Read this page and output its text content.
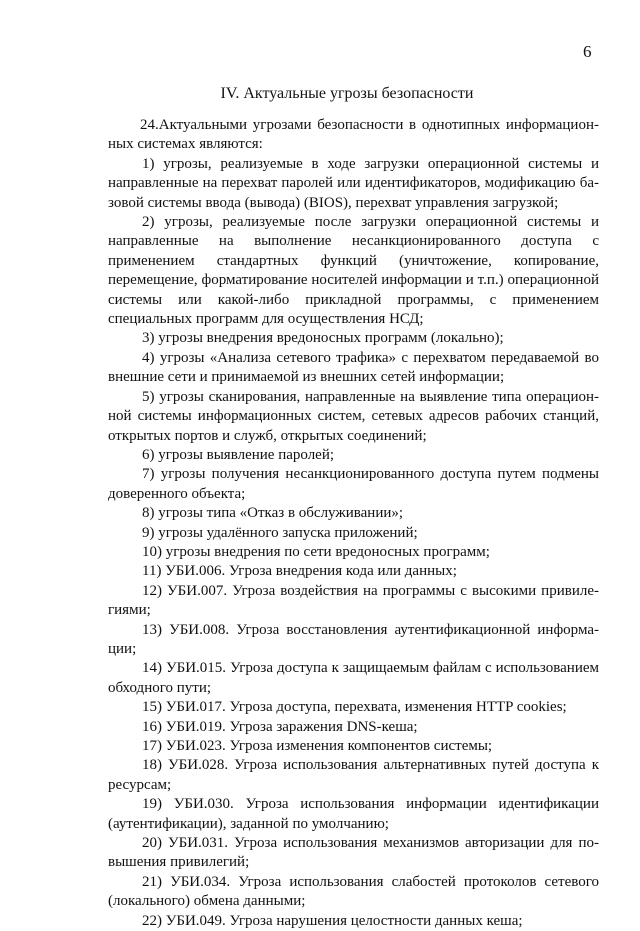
6
IV. Актуальные угрозы безопасности

24.Актуальными угрозами безопасности в однотипных информационных системах являются:

1) угрозы, реализуемые в ходе загрузки операционной системы и направленные на перехват паролей или идентификаторов, модификацию базовой системы ввода (вывода) (BIOS), перехват управления загрузкой;

2) угрозы, реализуемые после загрузки операционной системы и направленные на выполнение несанкционированного доступа с применением стандартных функций (уничтожение, копирование, перемещение, форматирование носителей информации и т.п.) операционной системы или какой-либо прикладной программы, с применением специальных программ для осуществления НСД;

3) угрозы внедрения вредоносных программ (локально);

4) угрозы «Анализа сетевого трафика» с перехватом передаваемой во внешние сети и принимаемой из внешних сетей информации;

5) угрозы сканирования, направленные на выявление типа операционной системы информационных систем, сетевых адресов рабочих станций, открытых портов и служб, открытых соединений;

6) угрозы выявление паролей;

7) угрозы получения несанкционированного доступа путем подмены доверенного объекта;

8) угрозы типа «Отказ в обслуживании»;

9) угрозы удалённого запуска приложений;

10) угрозы внедрения по сети вредоносных программ;

11) УБИ.006. Угроза внедрения кода или данных;

12) УБИ.007. Угроза воздействия на программы с высокими привилегиями;

13) УБИ.008. Угроза восстановления аутентификационной информации;

14) УБИ.015. Угроза доступа к защищаемым файлам с использованием обходного пути;

15) УБИ.017. Угроза доступа, перехвата, изменения HTTP cookies;

16) УБИ.019. Угроза заражения DNS-кеша;

17) УБИ.023. Угроза изменения компонентов системы;

18) УБИ.028. Угроза использования альтернативных путей доступа к ресурсам;

19) УБИ.030. Угроза использования информации идентификации (аутентификации), заданной по умолчанию;

20) УБИ.031. Угроза использования механизмов авторизации для повышения привилегий;

21) УБИ.034. Угроза использования слабостей протоколов сетевого (локального) обмена данными;

22) УБИ.049. Угроза нарушения целостности данных кеша;
